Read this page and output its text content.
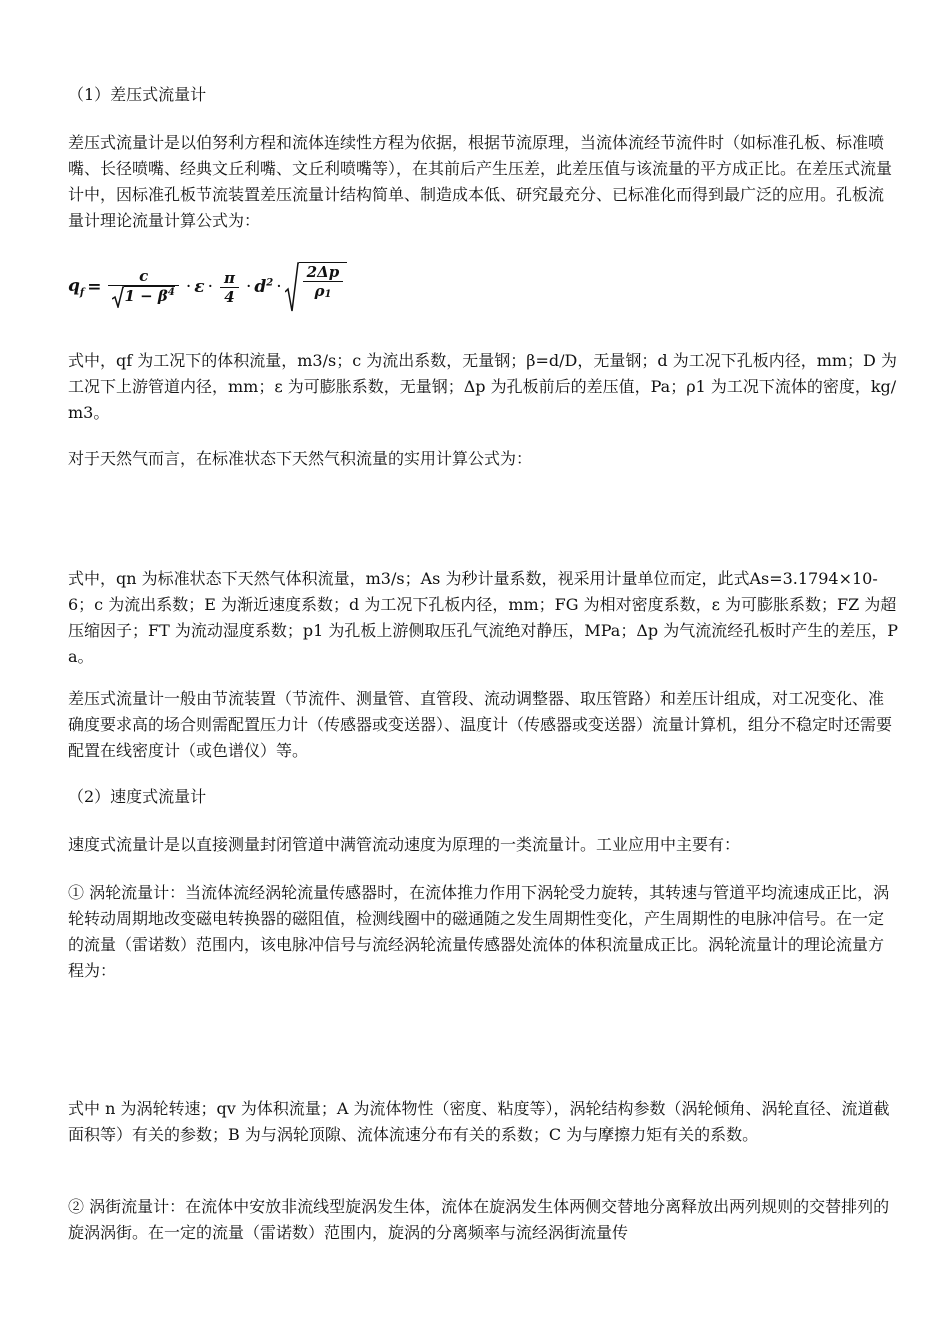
（1）差压式流量计

差压式流量计是以伯努利方程和流体连续性方程为依据，根据节流原理，当流体流经节流件时（如标准孔板、标准喷嘴、长径喷嘴、经典文丘利嘴、文丘利喷嘴等），在其前后产生压差，此差压值与该流量的平方成正比。在差压式流量计中，因标准孔板节流装置差压流量计结构简单、制造成本低、研究最充分、已标准化而得到最广泛的应用。孔板流量计理论流量计算公式为：

$q_f = \frac{c}{1 - \beta 4} \cdot \varepsilon \cdot \frac{\pi}{4} \cdot d^2 \cdot \frac{2\Delta p}{\rho_1}$

式中，qf 为工况下的体积流量，m3/s；c 为流出系数，无量钢；β=d/D，无量钢；d 为工况下孔板内径，mm；D 为工况下上游管道内径，mm；ε 为可膨胀系数，无量钢；Δp 为孔板前后的差压值，Pa；ρ1 为工况下流体的密度，kg/m3。

对于天然气而言，在标准状态下天然气积流量的实用计算公式为：

式中，qn 为标准状态下天然气体积流量，m3/s；As 为秒计量系数，视采用计量单位而定，此式As=3.1794×10-6；c 为流出系数；E 为渐近速度系数；d 为工况下孔板内径，mm；FG 为相对密度系数，ε 为可膨胀系数；FZ 为超压缩因子；FT 为流动湿度系数；p1 为孔板上游侧取压孔气流绝对静压，MPa；Δp 为气流流经孔板时产生的差压，Pa。

差压式流量计一般由节流装置（节流件、测量管、直管段、流动调整器、取压管路）和差压计组成，对工况变化、准确度要求高的场合则需配置压力计（传感器或变送器）、温度计（传感器或变送器）流量计算机，组分不稳定时还需要配置在线密度计（或色谱仪）等。

（2）速度式流量计

速度式流量计是以直接测量封闭管道中满管流动速度为原理的一类流量计。工业应用中主要有：

① 涡轮流量计：当流体流经涡轮流量传感器时，在流体推力作用下涡轮受力旋转，其转速与管道平均流速成正比，涡轮转动周期地改变磁电转换器的磁阻值，检测线圈中的磁通随之发生周期性变化，产生周期性的电脉冲信号。在一定的流量（雷诺数）范围内，该电脉冲信号与流经涡轮流量传感器处流体的体积流量成正比。涡轮流量计的理论流量方程为：

式中 n 为涡轮转速；qv 为体积流量；A 为流体物性（密度、粘度等），涡轮结构参数（涡轮倾角、涡轮直径、流道截面积等）有关的参数；B 为与涡轮顶隙、流体流速分布有关的系数；C 为与摩擦力矩有关的系数。

② 涡街流量计：在流体中安放非流线型旋涡发生体，流体在旋涡发生体两侧交替地分离释放出两列规则的交替排列的旋涡涡街。在一定的流量（雷诺数）范围内，旋涡的分离频率与流经涡街流量传
